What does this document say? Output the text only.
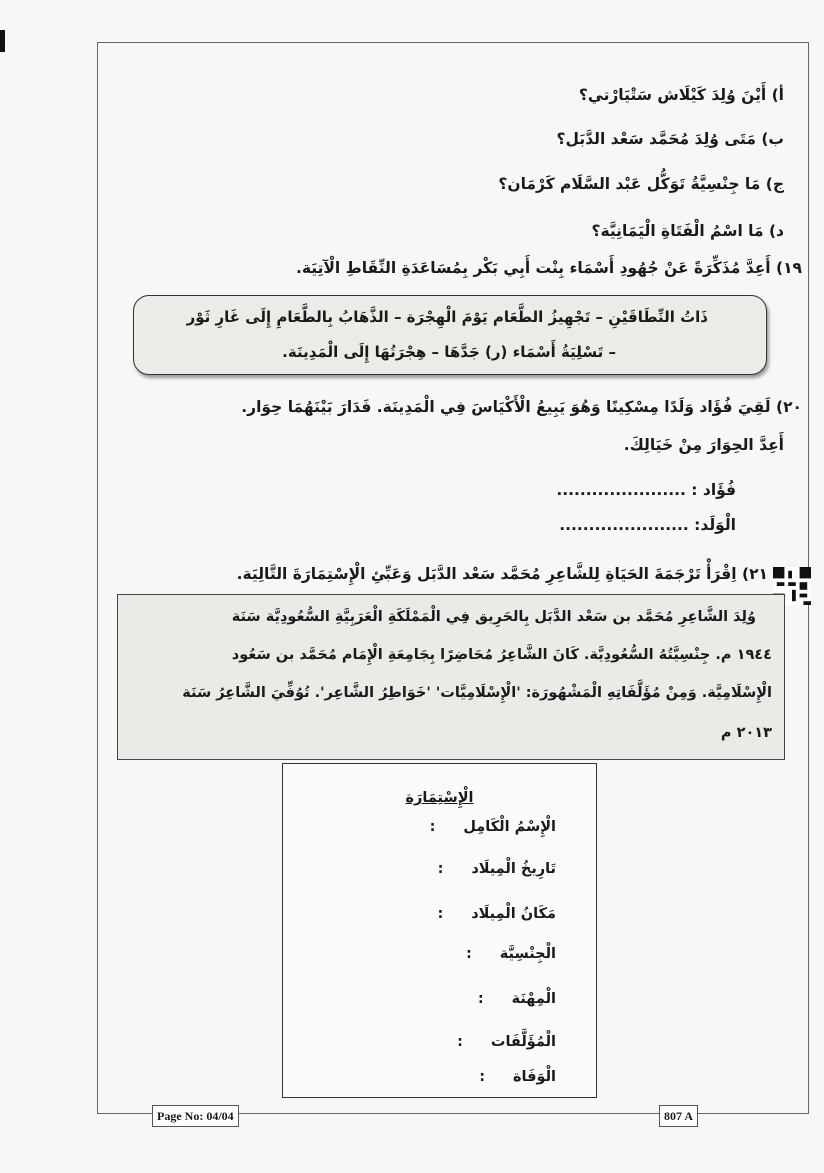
أ) أَيْنَ وُلِدَ كَيْلَاش سَتْيَارْتي؟
ب) مَتَى وُلِدَ مُحَمَّد سَعْد الدَّبَل؟
ج) مَا جِنْسِيَّةُ تَوَكُّل عَبْد السَّلَام كَرْمَان؟
د) مَا اسْمُ الْفَتَاةِ الْيَمَانِيَّة؟
١٩) أَعِدَّ مُذَكِّرَةً عَنْ جُهُودِ أَسْمَاء بِنْت أَبِي بَكْر بِمُسَاعَدَةِ النِّقَاطِ الْآتِيَة.
ذَاتُ النِّطَاقَيْنِ – تَجْهِيزُ الطَّعَام يَوْمَ الْهِجْرَة – الذَّهَابُ بِالطَّعَامِ إِلَى غَارِ ثَوْر
– تَسْلِيَةُ أَسْمَاء (ر) جَدَّهَا – هِجْرَتُهَا إِلَى الْمَدِينَة.
٢٠) لَقِيَ فُؤَاد وَلَدًا مِسْكِينًا وَهُوَ يَبِيعُ الْأَكْيَاسَ فِي الْمَدِينَة. فَدَارَ بَيْنَهُمَا حِوَار.
أَعِدَّ الحِوَارَ مِنْ خَيَالِكَ.
فُؤَاد : ......................
الْوَلَد: ......................
٢١) اِقْرَأْ تَرْجَمَةَ الحَيَاةِ لِلشَّاعِرِ مُحَمَّد سَعْد الدَّبَل وَعَبِّئِ الْإِسْتِمَارَةَ التَّالِيَة.
وُلِدَ الشَّاعِرِ مُحَمَّد بن سَعْد الدَّبَل بِالحَرِيق فِي الْمَمْلَكَةِ الْعَرَبِيَّةِ السُّعُودِيَّة سَنَة
١٩٤٤ م. جِنْسِيَّتُهُ السُّعُودِيَّة. كَانَ الشَّاعِرُ مُحَاضِرًا بِجَامِعَةِ الْإِمَام مُحَمَّد بن سَعُود
الْإِسْلَامِيَّة. وَمِنْ مُؤَلَّفَاتِهِ الْمَشْهُورَة: 'الْإِسْلَامِيَّات' 'خَوَاطِرُ الشَّاعِر'. تُوُفِّيَ الشَّاعِرُ سَنَة
٢٠١٣ م
الْإِسْتِمَارَة
الْإِسْمُ الْكَامِل
:
تَارِيخُ الْمِيلَاد
:
مَكَانُ الْمِيلَاد
:
الْجِنْسِيَّة
:
الْمِهْنَة
:
الْمُؤَلَّفَات
:
الْوَفَاة
:
Page No: 04/04	807 A
